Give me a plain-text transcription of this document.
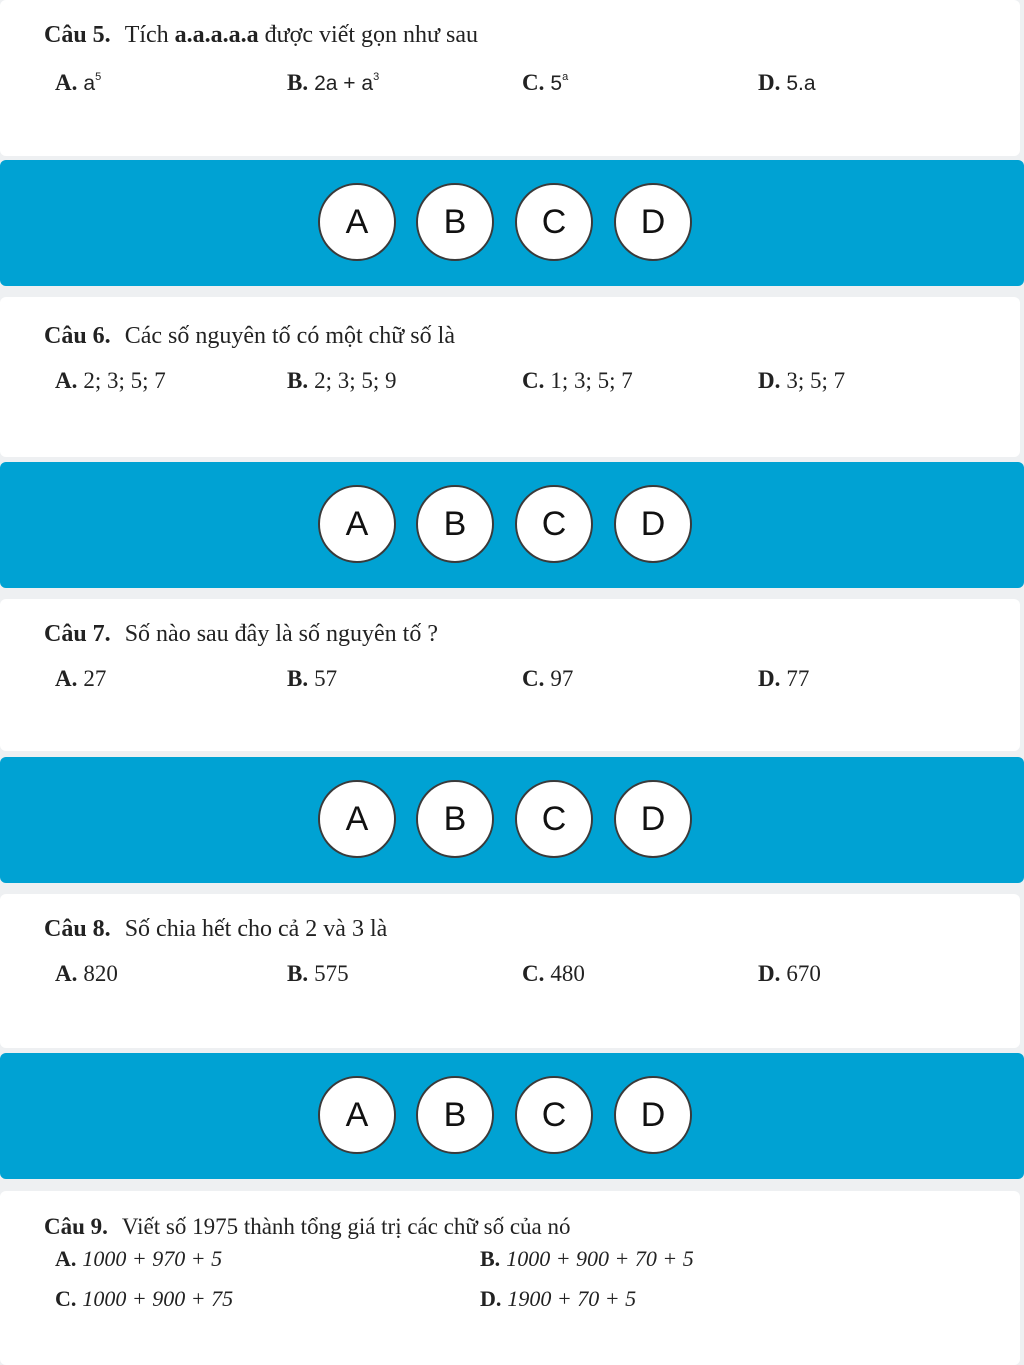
Câu 5. Tích a.a.a.a.a được viết gọn như sau
A. $a^5$	B. $2a + a^3$	C. 5$^a$	D. 5.a
A	B	C	D
Câu 6. Các số nguyên tố có một chữ số là
A. 2; 3; 5; 7	B. 2; 3; 5; 9	C. 1; 3; 5; 7	D. 3; 5; 7
A	B	C	D
Câu 7. Số nào sau đây là số nguyên tố ?
A. 27	B. 57	C. 97	D. 77
A	B	C	D
Câu 8. Số chia hết cho cả 2 và 3 là
A. 820	B. 575	C. 480	D. 670
A	B	C	D
Câu 9. Viết số 1975 thành tổng giá trị các chữ số của nó
A. 1000 + 970 + 5	B. 1000 + 900 + 70 + 5
C. 1000 + 900 + 75	D. 1900 + 70 + 5
